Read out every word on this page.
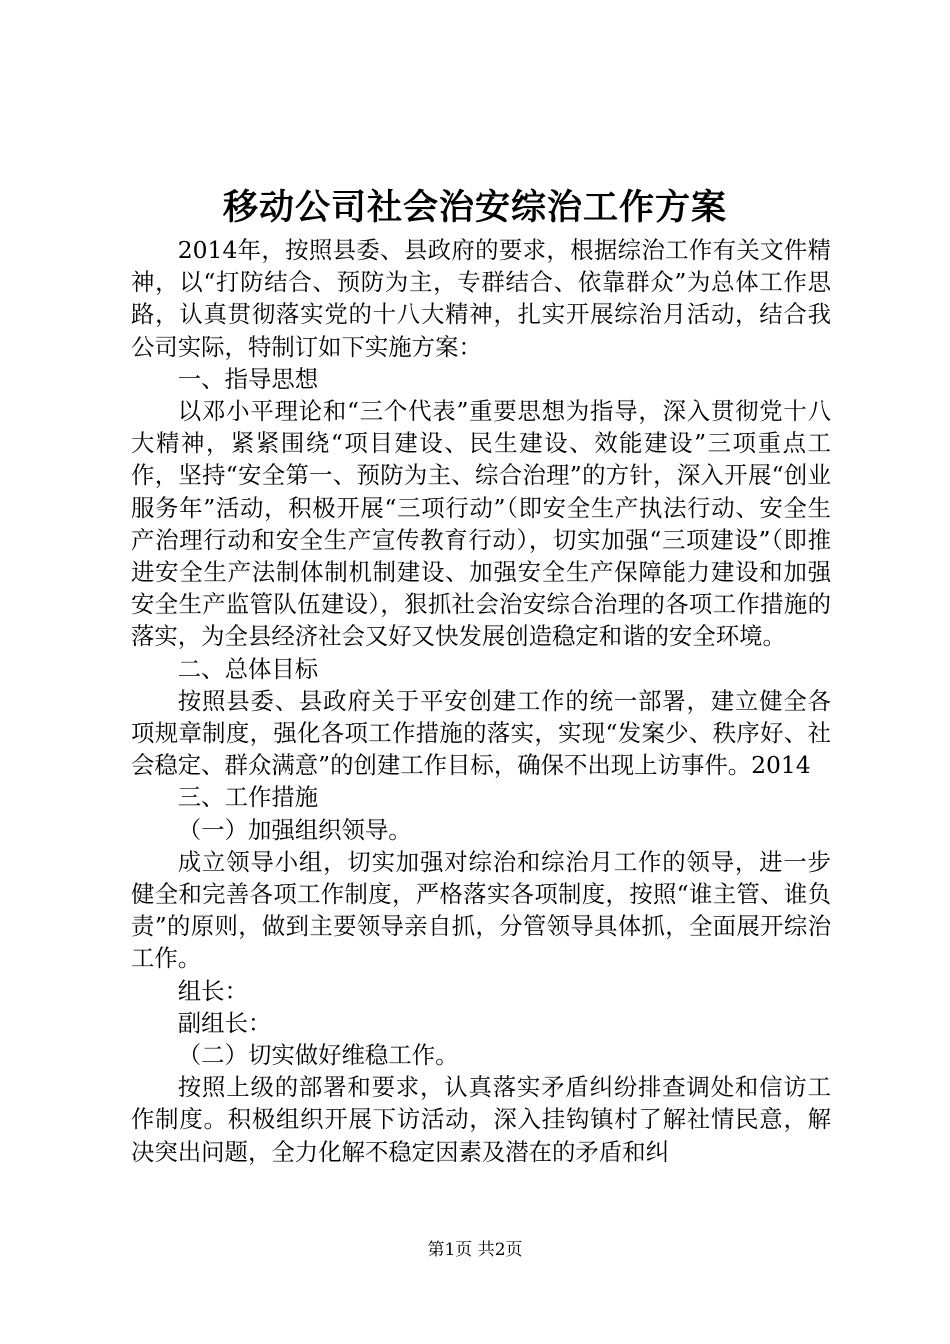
移动公司社会治安综治工作方案

2014年，按照县委、县政府的要求，根据综治工作有关文件精神，以“打防结合、预防为主，专群结合、依靠群众”为总体工作思路，认真贯彻落实党的十八大精神，扎实开展综治月活动，结合我公司实际，特制订如下实施方案：

一、指导思想

以邓小平理论和“三个代表”重要思想为指导，深入贯彻党十八大精神，紧紧围绕“项目建设、民生建设、效能建设”三项重点工作，坚持“安全第一、预防为主、综合治理”的方针，深入开展“创业服务年”活动，积极开展“三项行动”（即安全生产执法行动、安全生产治理行动和安全生产宣传教育行动），切实加强“三项建设”（即推进安全生产法制体制机制建设、加强安全生产保障能力建设和加强安全生产监管队伍建设），狠抓社会治安综合治理的各项工作措施的落实，为全县经济社会又好又快发展创造稳定和谐的安全环境。

二、总体目标

按照县委、县政府关于平安创建工作的统一部署，建立健全各项规章制度，强化各项工作措施的落实，实现“发案少、秩序好、社会稳定、群众满意”的创建工作目标，确保不出现上访事件。2014

三、工作措施

（一）加强组织领导。

成立领导小组，切实加强对综治和综治月工作的领导，进一步健全和完善各项工作制度，严格落实各项制度，按照“谁主管、谁负责”的原则，做到主要领导亲自抓，分管领导具体抓，全面展开综治工作。

组长：

副组长：

（二）切实做好维稳工作。

按照上级的部署和要求，认真落实矛盾纠纷排查调处和信访工作制度。积极组织开展下访活动，深入挂钩镇村了解社情民意，解决突出问题，全力化解不稳定因素及潜在的矛盾和纠

第1页 共2页
